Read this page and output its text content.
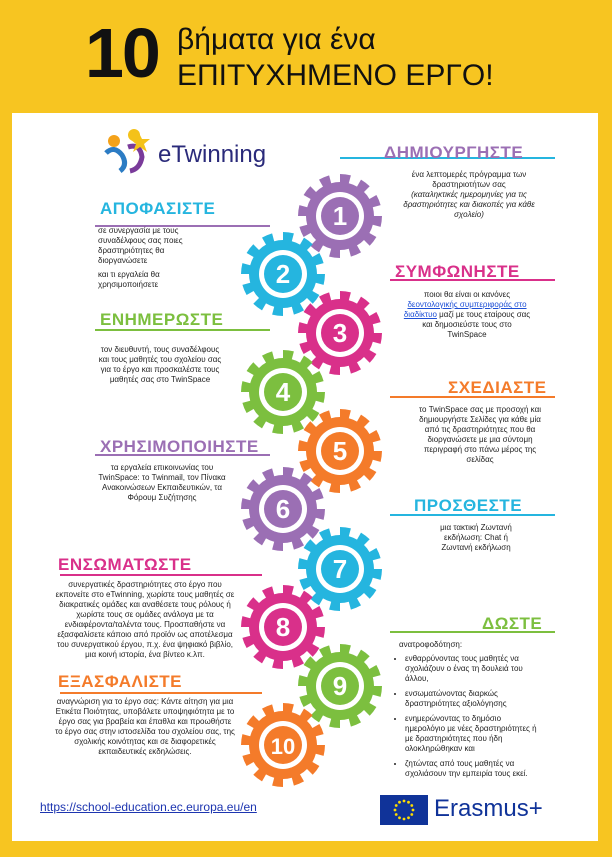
10 βήματα για ένα
ΕΠΙΤΥΧΗΜΕΝΟ ΕΡΓΟ!
eTwinning
1
2
3
4
5
6
7
8
9
10
ΔΗΜΙΟΥΡΓΗΣΤΕ
ένα λεπτομερές πρόγραμμα των δραστηριοτήτων σας
(καταληκτικές ημερομηνίες για τις δραστηριότητες και διακοπές για κάθε σχολείο)
ΑΠΟΦΑΣΙΣΤΕ
σε συνεργασία με τους συναδέλφους σας ποιες δραστηριότητες θα διοργανώσετε
και τι εργαλεία θα χρησιμοποιήσετε
ΣΥΜΦΩΝΗΣΤΕ
ποιοι θα είναι οι κανόνες δεοντολογικής συμπεριφοράς στο διαδίκτυο μαζί με τους εταίρους σας και δημοσιεύστε τους στο TwinSpace
ΕΝΗΜΕΡΩΣΤΕ
τον διευθυντή, τους συναδέλφους και τους μαθητές του σχολείου σας για το έργο και προσκαλέστε τους μαθητές σας στο TwinSpace	ΣΧΕΔΙΑΣΤΕ
το TwinSpace σας με προσοχή και δημιουργήστε Σελίδες για κάθε μία από τις δραστηριότητες που θα διοργανώσετε με μια σύντομη περιγραφή στο πάνω μέρος της σελίδας
ΧΡΗΣΙΜΟΠΟΙΗΣΤΕ
τα εργαλεία επικοινωνίας του TwinSpace: το Twinmail, τον Πίνακα Ανακοινώσεων Εκπαιδευτικών, τα Φόρουμ Συζήτησης	ΠΡΟΣΘΕΣΤΕ
μια τακτική Ζωντανή εκδήλωση: Chat ή Ζωντανή εκδήλωση
ΕΝΣΩΜΑΤΩΣΤΕ
συνεργατικές δραστηριότητες στο έργο που εκπονείτε στο eTwinning, χωρίστε τους μαθητές σε διακρατικές ομάδες και αναθέσετε τους ρόλους ή χωρίστε τους σε ομάδες ανάλογα με τα ενδιαφέροντα/ταλέντα τους. Προσπαθήστε να εξασφαλίσετε κάποιο από προϊόν ως αποτέλεσμα του συνεργατικού έργου, π.χ. ένα ψηφιακό βιβλίο, μια κοινή ιστορία, ένα βίντεο κ.λπ.
ΔΩΣΤΕ
ανατροφοδότηση:
• ενθαρρύνοντας τους μαθητές να σχολιάζουν ο ένας τη δουλειά του άλλου,
• ενσωματώνοντας διαρκώς δραστηριότητες αξιολόγησης
• ενημερώνοντας το δημόσιο ημερολόγιο με νέες δραστηριότητες ή με δραστηριότητες που ήδη ολοκληρώθηκαν και
• ζητώντας από τους μαθητές να σχολιάσουν την εμπειρία τους εκεί.
ΕΞΑΣΦΑΛΙΣΤΕ
αναγνώριση για το έργο σας: Κάντε αίτηση για μια Ετικέτα Ποιότητας, υποβάλετε υποψηφιότητα με το έργο σας για βραβεία και έπαθλα και προωθήστε το έργο σας στην ιστοσελίδα του σχολείου σας, της σχολικής κοινότητας και σε διαφορετικές εκπαιδευτικές εκδηλώσεις.
https://school-education.ec.europa.eu/en	Erasmus+
